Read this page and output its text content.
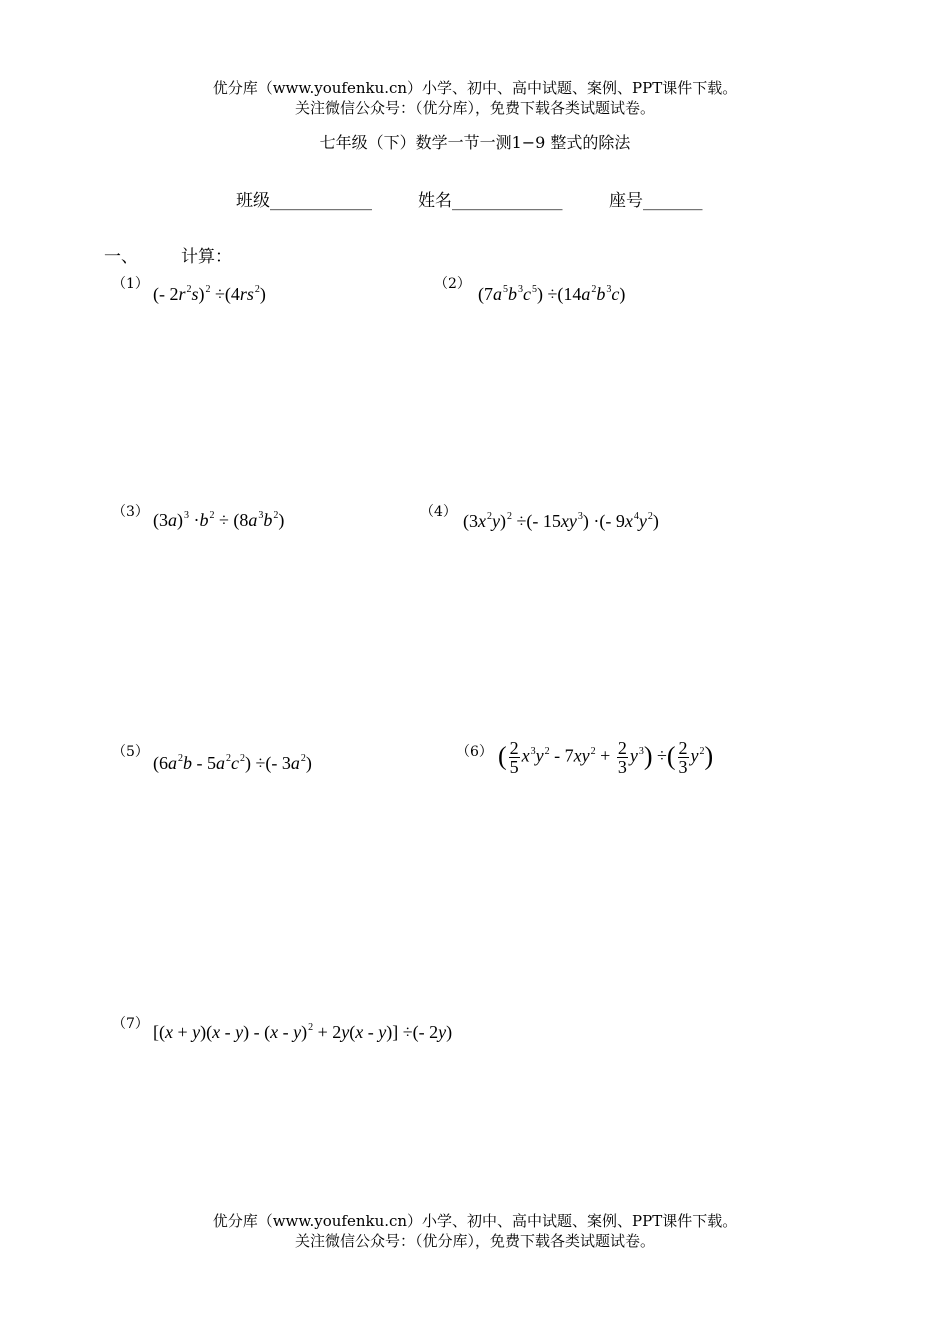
优分库（www.youfenku.cn）小学、初中、高中试题、案例、PPT课件下载。
关注微信公众号：（优分库），免费下载各类试题试卷。
七年级（下）数学一节一测1−9 整式的除法
班级____________	姓名_____________	座号_______
一、	计算：
（1） (- $2r^2s)^2 \div(4rs^2)$	（2） $(7a^5b^3c^5) \div(14a^2b^3c)$
（3） $(3a)^3 \cdot b^2 \div (8a^3b^2)$	（4） $(3x^2y)^2$ ÷(- $15xy^3$) ·(- $9x^4y^2$)
（5）
$(6a^2b - 5a^2c^2)$ ÷(- $3a^2$)
（6） ( $\frac{2}{5} x^3y^2 - 7xy^2 + \frac{2}{3} y^3$) ÷( $\frac{2}{3} y^2$)
（7） [(x + y)(x - y) - (x - y)$^2$ + 2y(x - y)] ÷(- 2y)
优分库（www.youfenku.cn）小学、初中、高中试题、案例、PPT课件下载。
关注微信公众号：（优分库），免费下载各类试题试卷。
